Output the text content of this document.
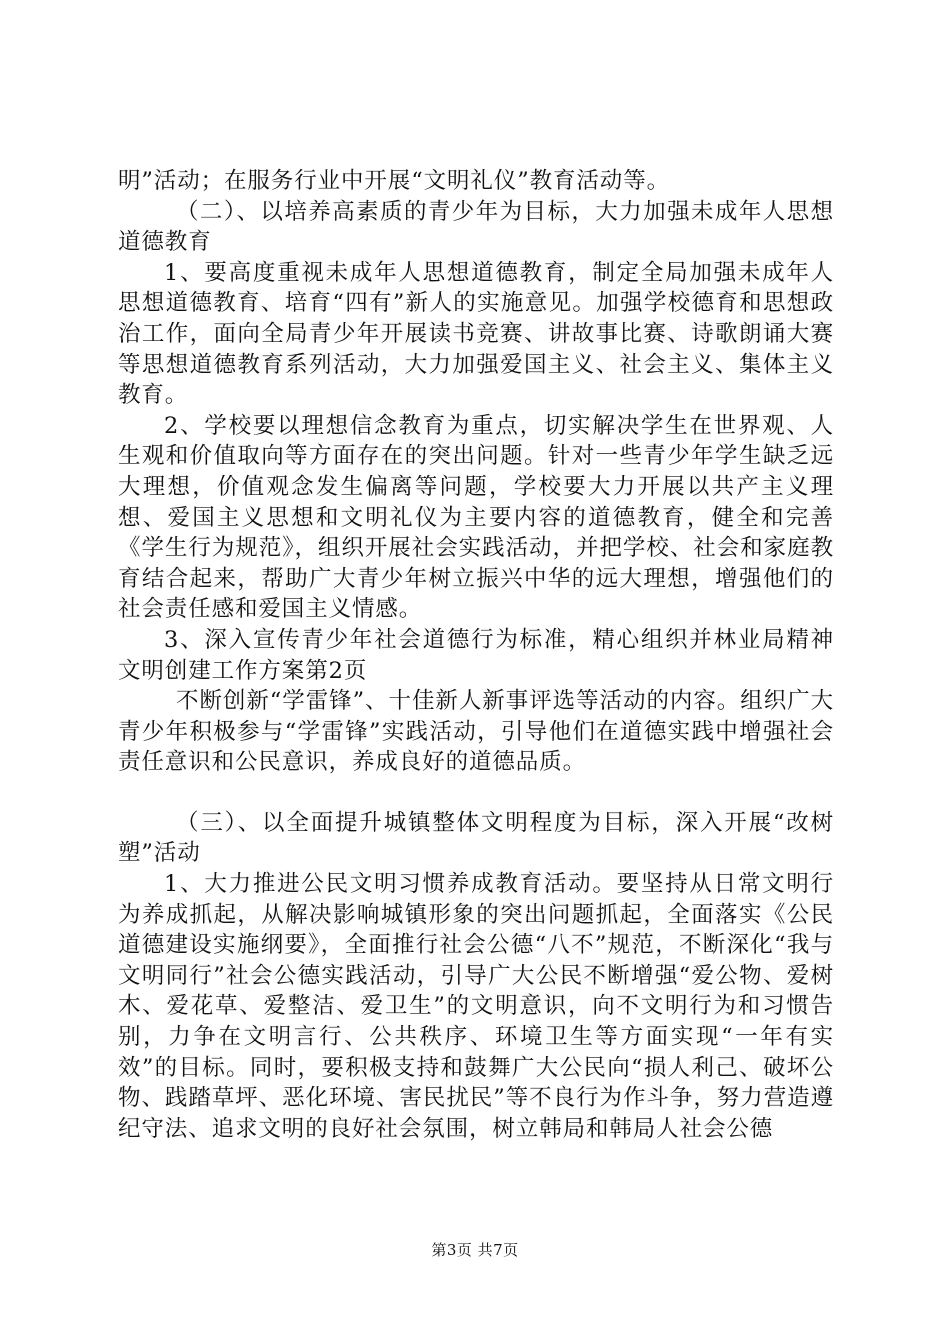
明”活动；在服务行业中开展“文明礼仪”教育活动等。

（二）、以培养高素质的青少年为目标，大力加强未成年人思想道德教育

1、要高度重视未成年人思想道德教育，制定全局加强未成年人思想道德教育、培育“四有”新人的实施意见。加强学校德育和思想政治工作，面向全局青少年开展读书竞赛、讲故事比赛、诗歌朗诵大赛等思想道德教育系列活动，大力加强爱国主义、社会主义、集体主义教育。

2、学校要以理想信念教育为重点，切实解决学生在世界观、人生观和价值取向等方面存在的突出问题。针对一些青少年学生缺乏远大理想，价值观念发生偏离等问题，学校要大力开展以共产主义理想、爱国主义思想和文明礼仪为主要内容的道德教育，健全和完善《学生行为规范》，组织开展社会实践活动，并把学校、社会和家庭教育结合起来，帮助广大青少年树立振兴中华的远大理想，增强他们的社会责任感和爱国主义情感。

3、深入宣传青少年社会道德行为标准，精心组织并林业局精神文明创建工作方案第2页

不断创新“学雷锋”、十佳新人新事评选等活动的内容。组织广大青少年积极参与“学雷锋”实践活动，引导他们在道德实践中增强社会责任意识和公民意识，养成良好的道德品质。

（三）、以全面提升城镇整体文明程度为目标，深入开展“改树塑”活动

1、大力推进公民文明习惯养成教育活动。要坚持从日常文明行为养成抓起，从解决影响城镇形象的突出问题抓起，全面落实《公民道德建设实施纲要》，全面推行社会公德“八不”规范，不断深化“我与文明同行”社会公德实践活动，引导广大公民不断增强“爱公物、爱树木、爱花草、爱整洁、爱卫生”的文明意识，向不文明行为和习惯告别，力争在文明言行、公共秩序、环境卫生等方面实现“一年有实效”的目标。同时，要积极支持和鼓舞广大公民向“损人利己、破坏公物、践踏草坪、恶化环境、害民扰民”等不良行为作斗争，努力营造遵纪守法、追求文明的良好社会氛围，树立韩局和韩局人社会公德

第3页 共7页
